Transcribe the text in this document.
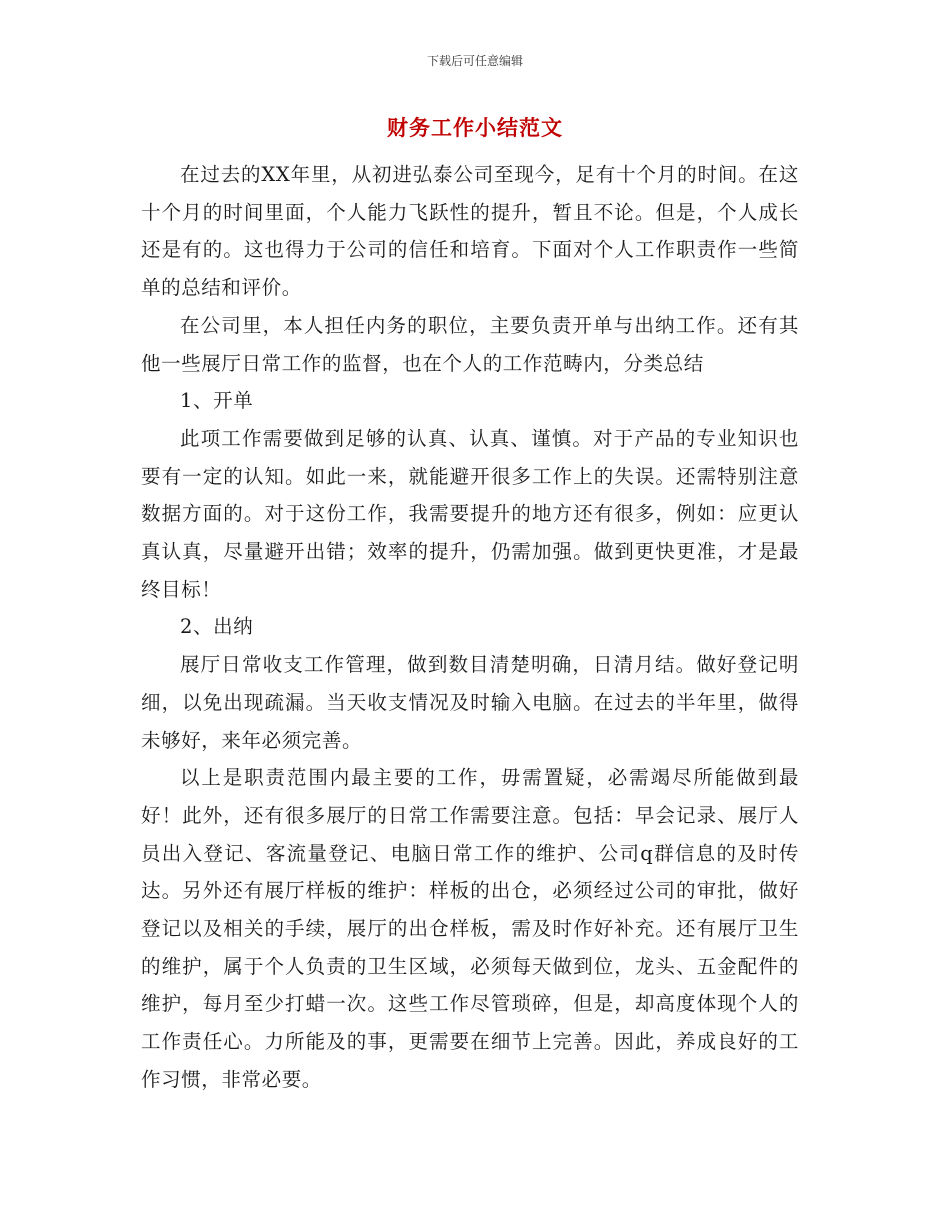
下载后可任意编辑
财务工作小结范文

在过去的XX年里，从初进弘泰公司至现今，足有十个月的时间。在这十个月的时间里面，个人能力飞跃性的提升，暂且不论。但是，个人成长还是有的。这也得力于公司的信任和培育。下面对个人工作职责作一些简单的总结和评价。

在公司里，本人担任内务的职位，主要负责开单与出纳工作。还有其他一些展厅日常工作的监督，也在个人的工作范畴内，分类总结

1、开单

此项工作需要做到足够的认真、认真、谨慎。对于产品的专业知识也要有一定的认知。如此一来，就能避开很多工作上的失误。还需特别注意数据方面的。对于这份工作，我需要提升的地方还有很多，例如：应更认真认真，尽量避开出错；效率的提升，仍需加强。做到更快更准，才是最终目标！

2、出纳

展厅日常收支工作管理，做到数目清楚明确，日清月结。做好登记明细，以免出现疏漏。当天收支情况及时输入电脑。在过去的半年里，做得未够好，来年必须完善。

以上是职责范围内最主要的工作，毋需置疑，必需竭尽所能做到最好！此外，还有很多展厅的日常工作需要注意。包括：早会记录、展厅人员出入登记、客流量登记、电脑日常工作的维护、公司q群信息的及时传达。另外还有展厅样板的维护：样板的出仓，必须经过公司的审批，做好登记以及相关的手续，展厅的出仓样板，需及时作好补充。还有展厅卫生的维护，属于个人负责的卫生区域，必须每天做到位，龙头、五金配件的维护，每月至少打蜡一次。这些工作尽管琐碎，但是，却高度体现个人的工作责任心。力所能及的事，更需要在细节上完善。因此，养成良好的工作习惯，非常必要。
